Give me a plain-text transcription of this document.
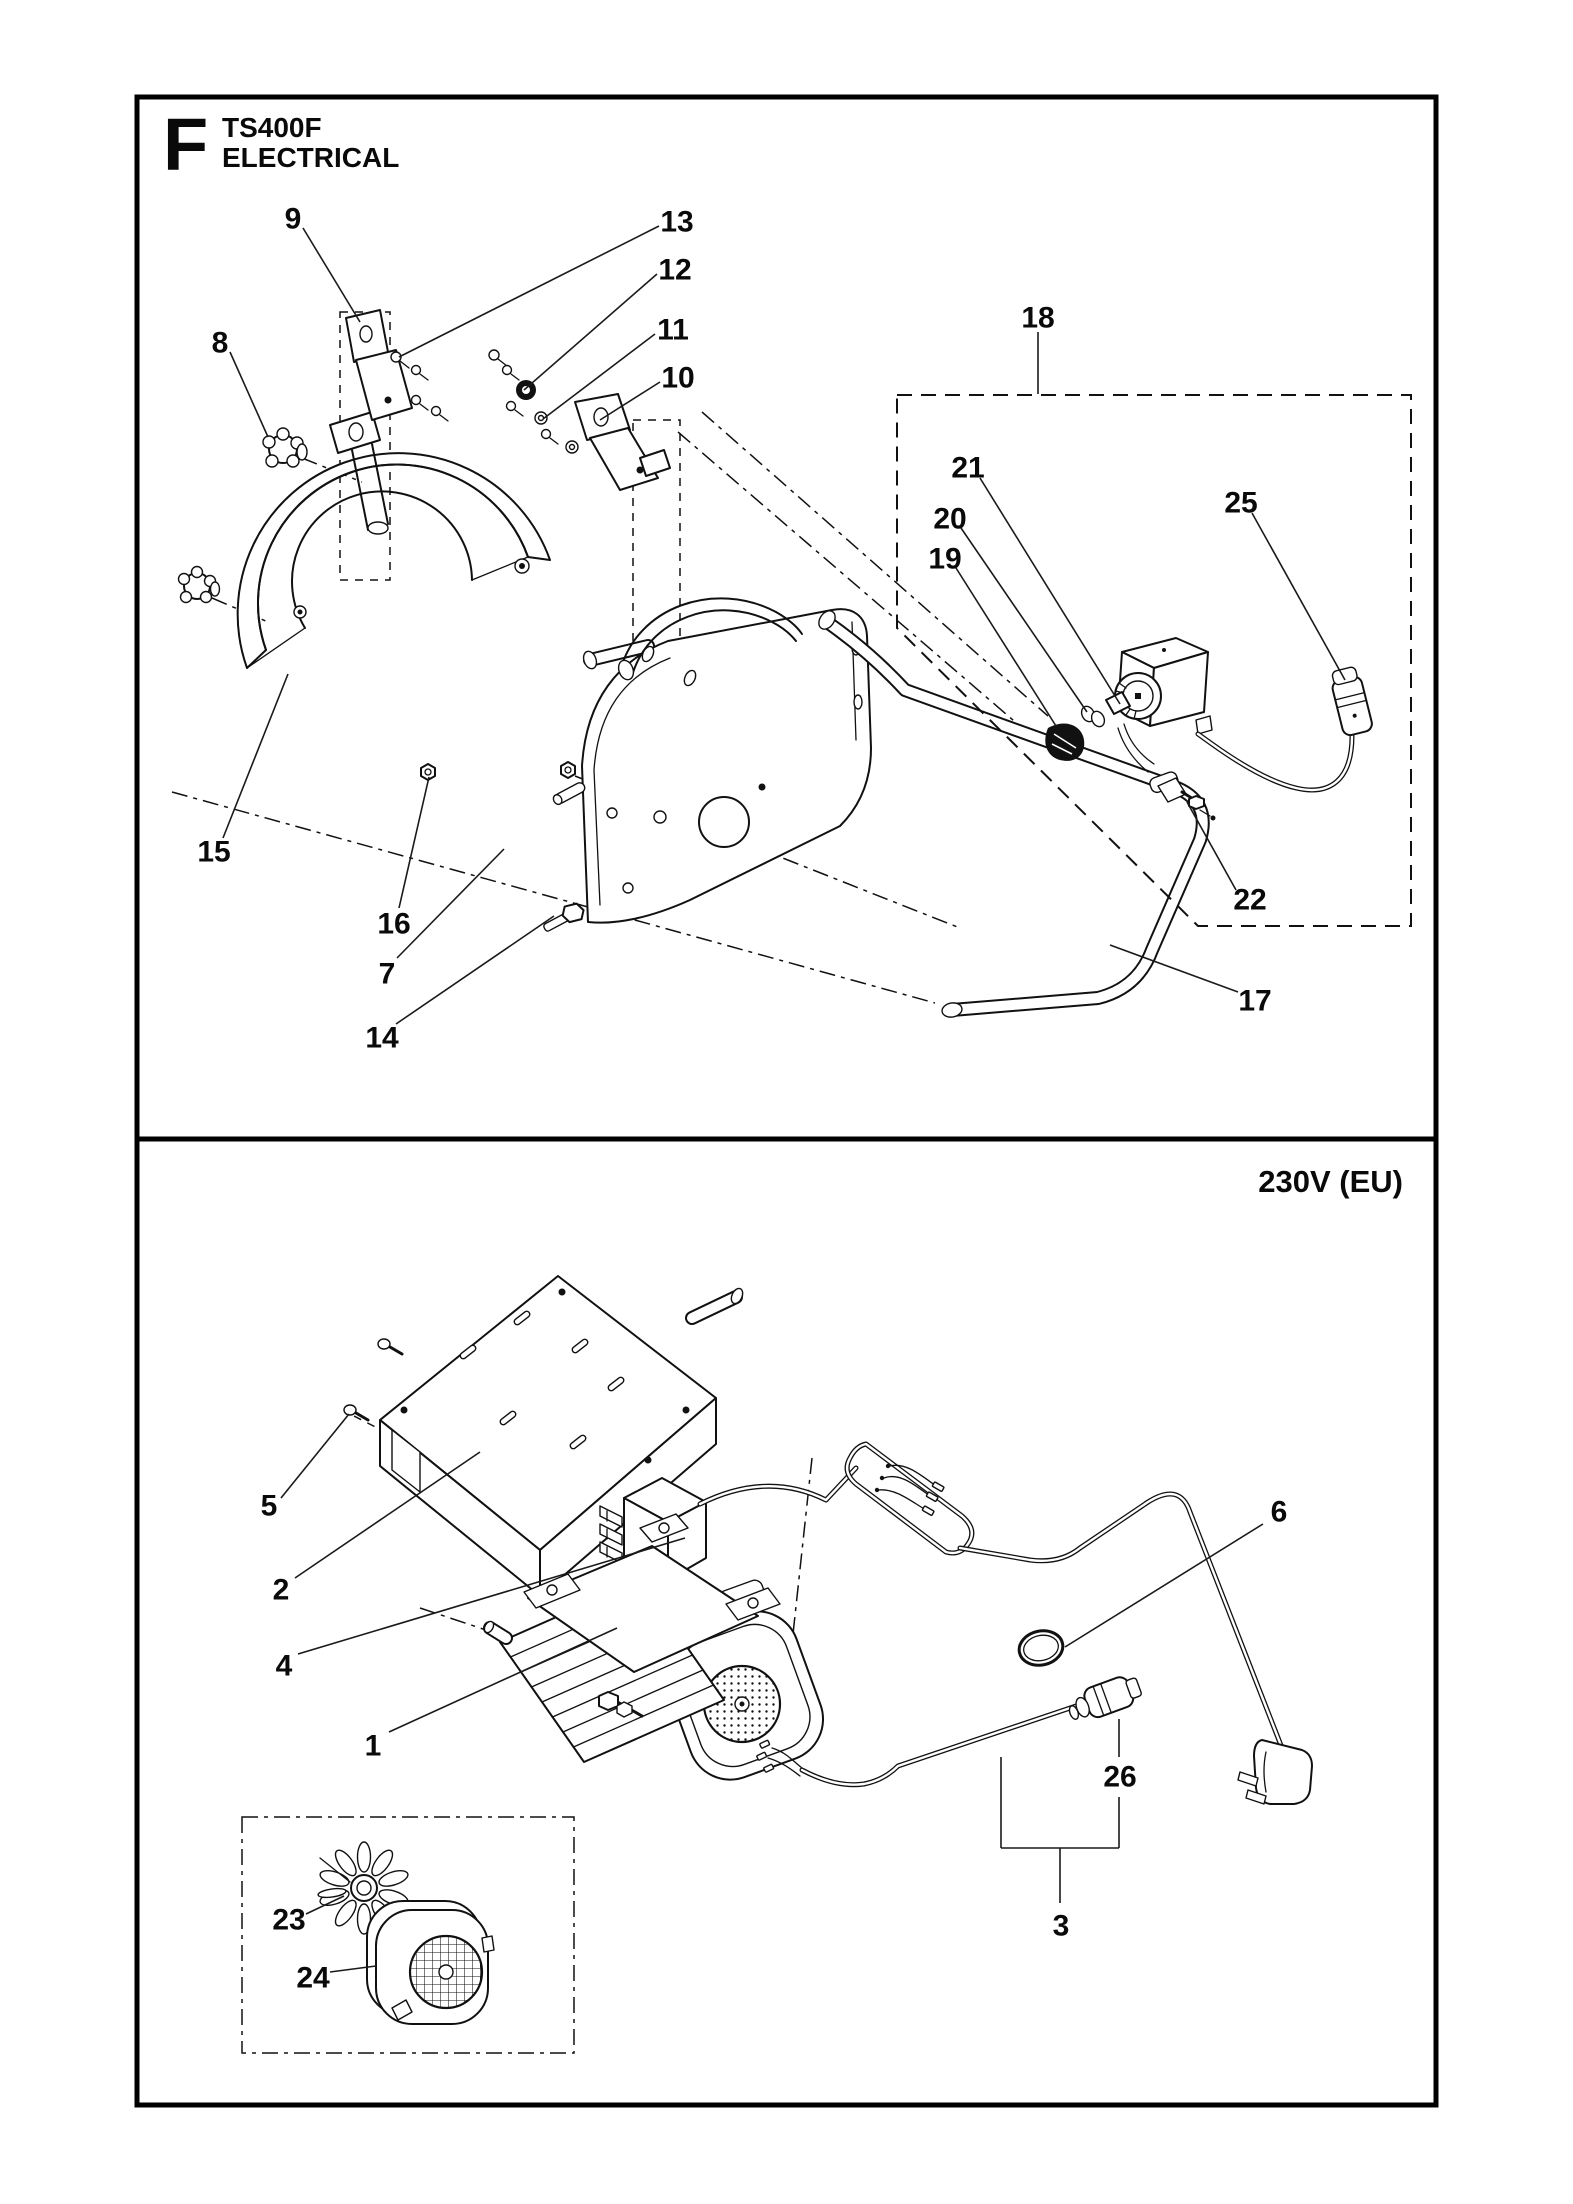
F TS400F
ELECTRICAL
230V (EU)
9	13
12
11
10
8
15
16
7
14
18
21
20
19
25
22
17
5
2
4
1
6
26
3
23
24
